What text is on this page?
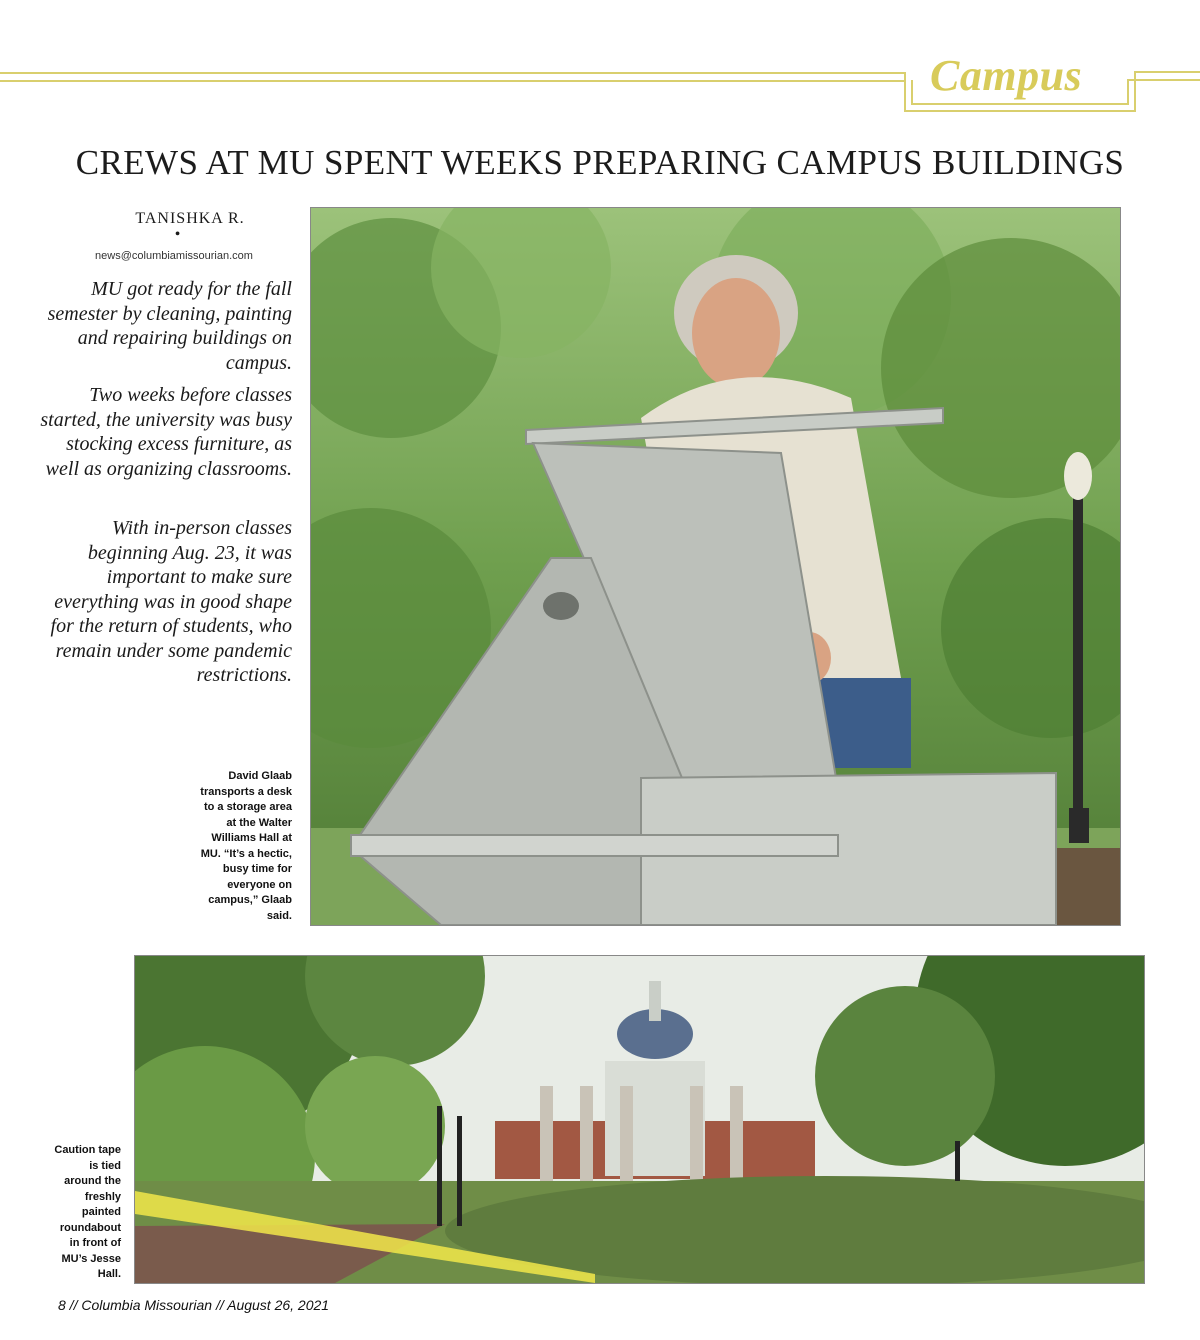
Campus
CREWS AT MU SPENT WEEKS PREPARING CAMPUS BUILDINGS
TANISHKA R.
•
news@columbiamissourian.com
MU got ready for the fall semester by cleaning, painting and repairing buildings on campus.
Two weeks before classes started, the university was busy stocking excess furniture, as well as organizing classrooms.
With in-person classes beginning Aug. 23, it was important to make sure everything was in good shape for the return of students, who remain under some pandemic restrictions.
David Glaab transports a desk to a storage area at the Walter Williams Hall at MU. “It’s a hectic, busy time for everyone on campus,” Glaab said.
Caution tape is tied around the freshly painted roundabout in front of MU’s Jesse Hall.
8 // Columbia Missourian // August 26, 2021
